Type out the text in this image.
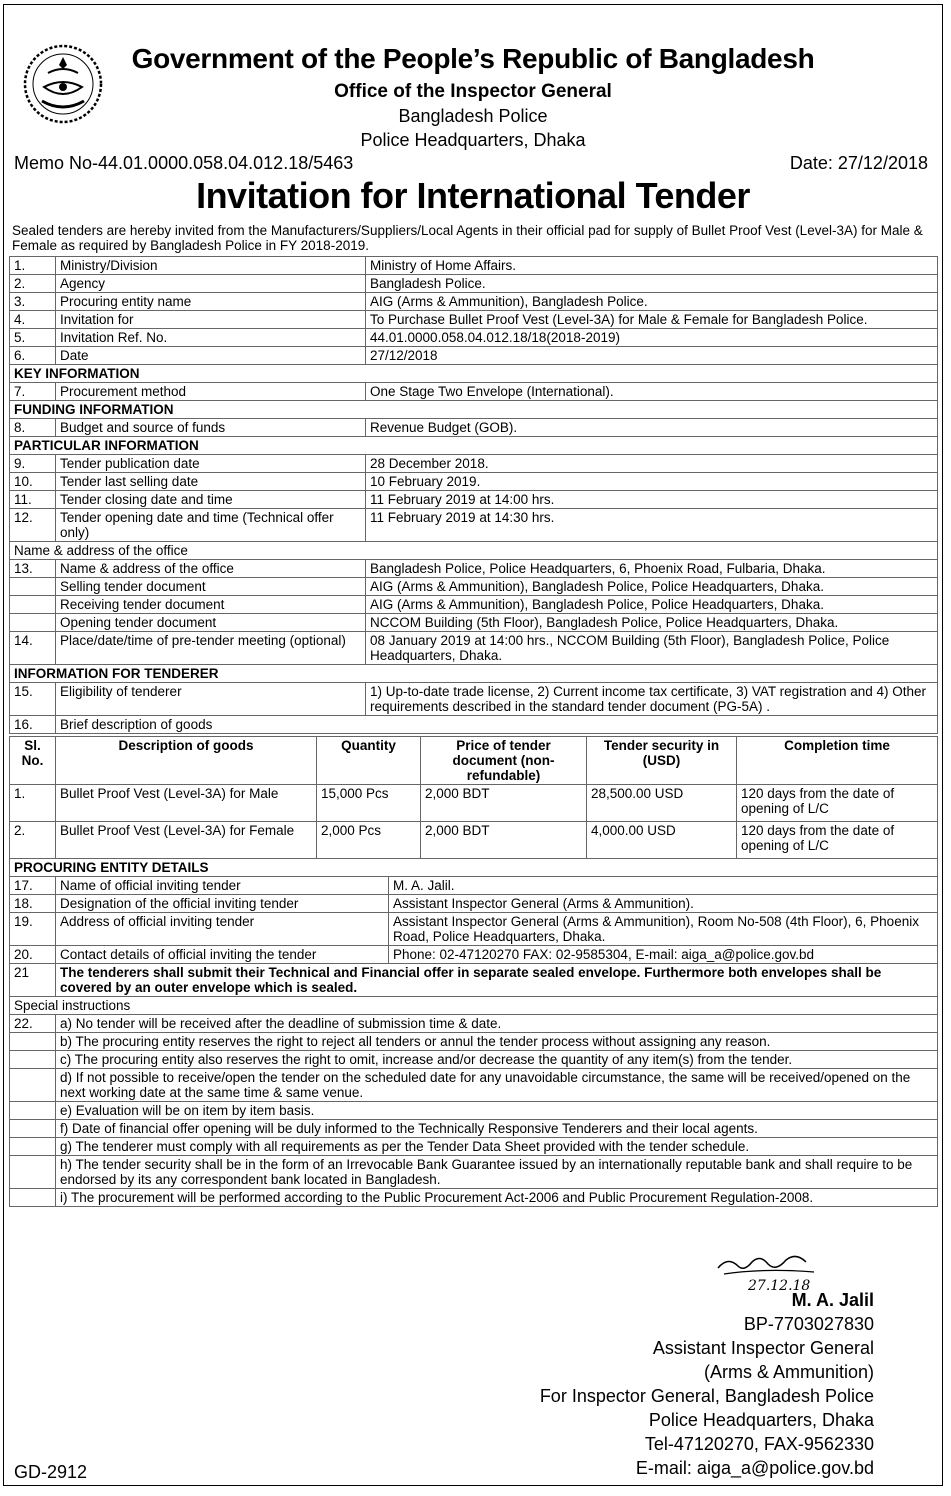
Government of the People’s Republic of Bangladesh
Office of the Inspector General
Bangladesh Police
Police Headquarters, Dhaka
Memo No-44.01.0000.058.04.012.18/5463	Date: 27/12/2018
Invitation for International Tender
Sealed tenders are hereby invited from the Manufacturers/Suppliers/Local Agents in their official pad for supply of Bullet Proof Vest (Level-3A) for Male & Female as required by Bangladesh Police in FY 2018-2019.
1.	Ministry/Division	Ministry of Home Affairs.
2.	Agency	Bangladesh Police.
3.	Procuring entity name	AIG (Arms & Ammunition), Bangladesh Police.
4.	Invitation for	To Purchase Bullet Proof Vest (Level-3A) for Male & Female for Bangladesh Police.
5.	Invitation Ref. No.	44.01.0000.058.04.012.18/18(2018-2019)
6.	Date	27/12/2018
KEY INFORMATION		
7.	Procurement method	One Stage Two Envelope (International).
FUNDING INFORMATION		
8.	Budget and source of funds	Revenue Budget (GOB).
PARTICULAR INFORMATION		
9.	Tender publication date	28 December 2018.
10.	Tender last selling date	10 February 2019.
11.	Tender closing date and time	11 February 2019 at 14:00 hrs.
12.	Tender opening date and time (Technical offer only)	11 February 2019 at 14:30 hrs.
Name & address of the office		
13.	Name & address of the office	Bangladesh Police, Police Headquarters, 6, Phoenix Road, Fulbaria, Dhaka.
	Selling tender document	AIG (Arms & Ammunition), Bangladesh Police, Police Headquarters, Dhaka.
	Receiving tender document	AIG (Arms & Ammunition), Bangladesh Police, Police Headquarters, Dhaka.
	Opening tender document	NCCOM Building (5th Floor), Bangladesh Police, Police Headquarters, Dhaka.
14.	Place/date/time of pre-tender meeting (optional)	08 January 2019 at 14:00 hrs., NCCOM Building (5th Floor), Bangladesh Police, Police Headquarters, Dhaka.
INFORMATION FOR TENDERER		
15.	Eligibility of tenderer	1) Up-to-date trade license, 2) Current income tax certificate, 3) VAT registration and 4) Other requirements described in the standard tender document (PG-5A) .
16.	Brief description of goods	
Sl. No.	Description of goods	Quantity	Price of tender document (non-refundable)	Tender security in (USD)	Completion time
1.	Bullet Proof Vest (Level-3A) for Male	15,000 Pcs	2,000 BDT	28,500.00 USD	120 days from the date of opening of L/C
2.	Bullet Proof Vest (Level-3A) for Female	2,000 Pcs	2,000 BDT	4,000.00 USD	120 days from the date of opening of L/C
PROCURING ENTITY DETAILS		
17.	Name of official inviting tender	M. A. Jalil.
18.	Designation of the official inviting tender	Assistant Inspector General (Arms & Ammunition).
19.	Address of official inviting tender	Assistant Inspector General (Arms & Ammunition), Room No-508 (4th Floor), 6, Phoenix Road, Police Headquarters, Dhaka.
20.	Contact details of official inviting the tender	Phone: 02-47120270 FAX: 02-9585304, E-mail: aiga_a@police.gov.bd
21	The tenderers shall submit their Technical and Financial offer in separate sealed envelope. Furthermore both envelopes shall be covered by an outer envelope which is sealed.	
Special instructions		
22.	a) No tender will be received after the deadline of submission time & date.	
	b) The procuring entity reserves the right to reject all tenders or annul the tender process without assigning any reason.	
	c) The procuring entity also reserves the right to omit, increase and/or decrease the quantity of any item(s) from the tender.	
	d) If not possible to receive/open the tender on the scheduled date for any unavoidable circumstance, the same will be received/opened on the next working date at the same time & same venue.	
	e) Evaluation will be on item by item basis.	
	f) Date of financial offer opening will be duly informed to the Technically Responsive Tenderers and their local agents.	
	g) The tenderer must comply with all requirements as per the Tender Data Sheet provided with the tender schedule.	
	h) The tender security shall be in the form of an Irrevocable Bank Guarantee issued by an internationally reputable bank and shall require to be endorsed by its any correspondent bank located in Bangladesh.	
	i) The procurement will be performed according to the Public Procurement Act-2006 and Public Procurement Regulation-2008.	
27.12.18
M. A. Jalil
BP-7703027830
Assistant Inspector General
(Arms & Ammunition)
For Inspector General, Bangladesh Police
Police Headquarters, Dhaka
Tel-47120270, FAX-9562330
E-mail: aiga_a@police.gov.bd
GD-2912
